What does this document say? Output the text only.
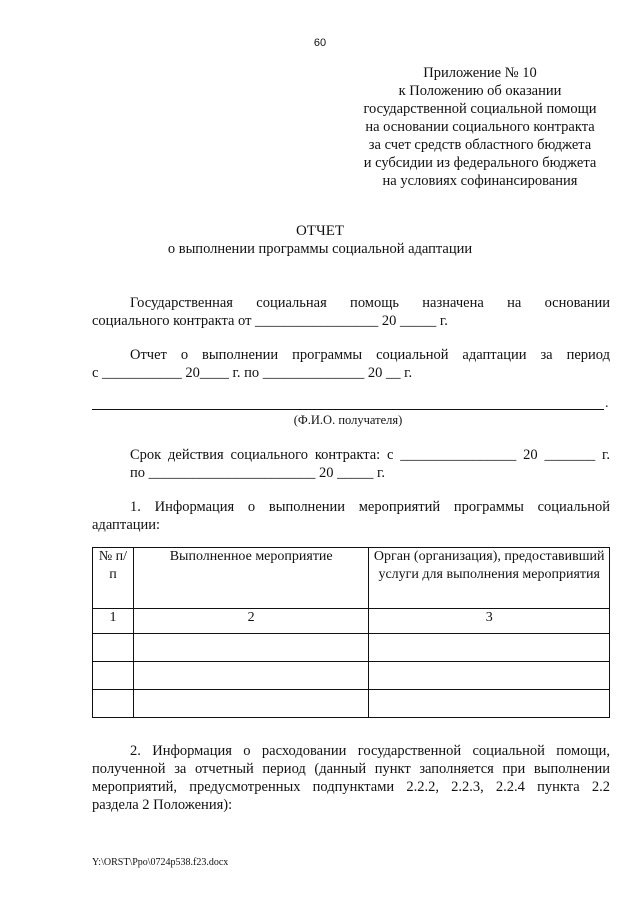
60
Приложение № 10
к Положению об оказании
государственной социальной помощи
на основании социального контракта
за счет средств областного бюджета
и субсидии из федерального бюджета
на условиях софинансирования
ОТЧЕТ
о выполнении программы социальной адаптации
Государственная социальная помощь назначена на основании
социального контракта от _________________ 20 _____ г.
Отчет о выполнении программы социальной адаптации за период
с ___________ 20____ г. по ______________ 20 __ г.
.
(Ф.И.О. получателя)
Срок действия социального контракта: с ________________ 20 _______ г.
по _______________________ 20 _____ г.
1. Информация о выполнении мероприятий программы социальной
адаптации:
№ п/п	Выполненное мероприятие	Орган (организация), предоставивший услуги для выполнения мероприятия
1	2	3

2. Информация о расходовании государственной социальной помощи,
полученной за отчетный период (данный пункт заполняется при выполнении
мероприятий, предусмотренных подпунктами 2.2.2, 2.2.3, 2.2.4 пункта 2.2
раздела 2 Положения):
Y:\ORST\Ppo\0724p538.f23.docx
